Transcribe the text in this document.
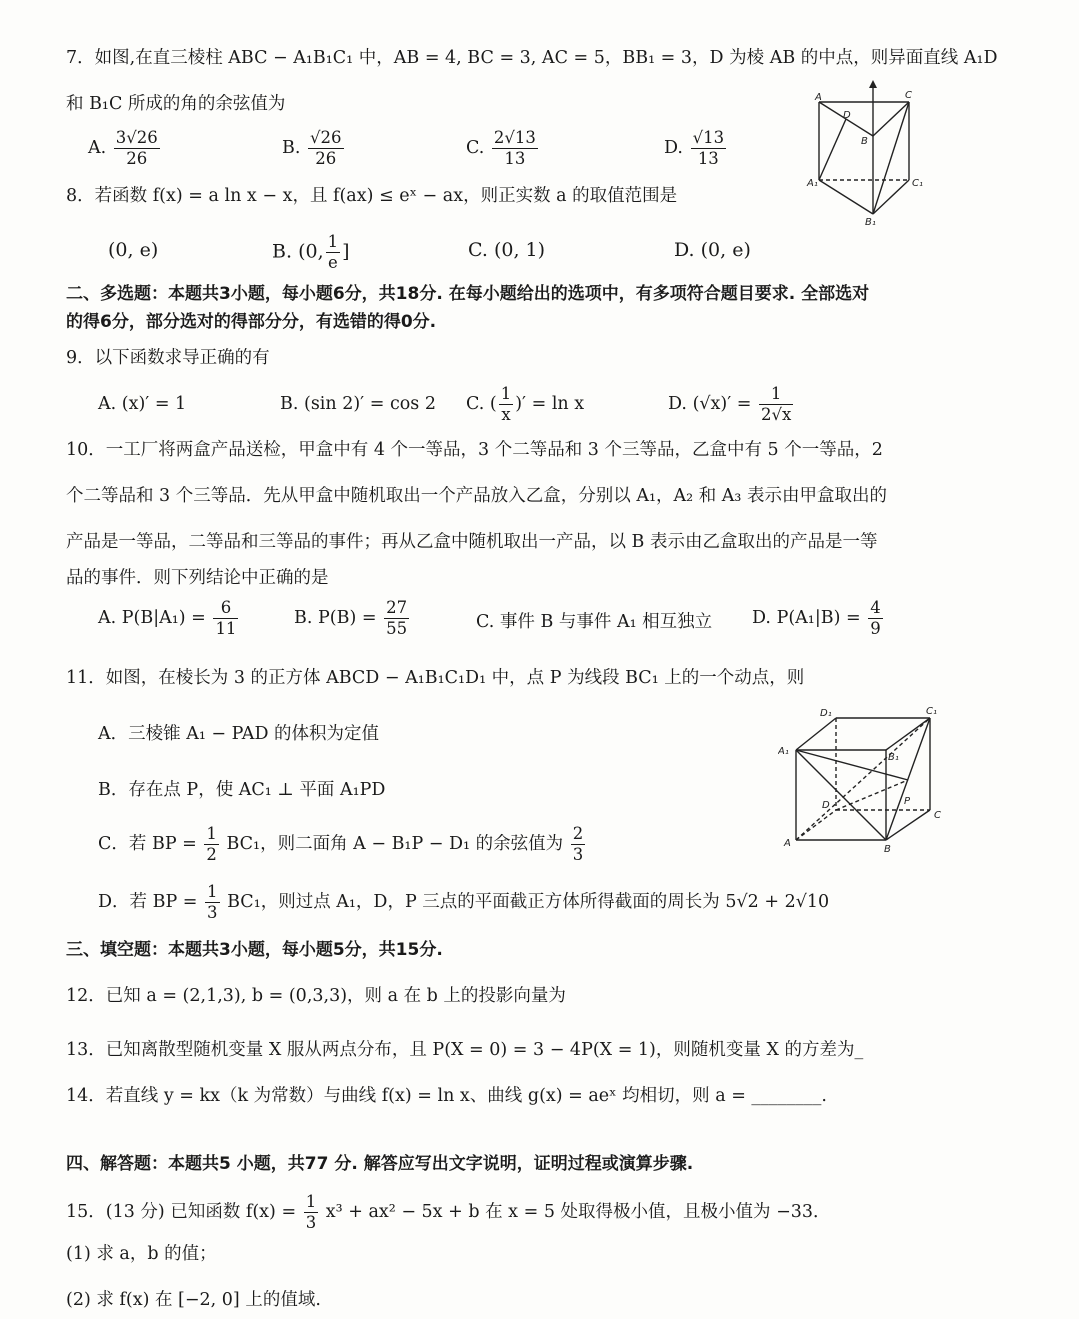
7．如图,在直三棱柱 ABC − A₁B₁C₁ 中，AB = 4, BC = 3, AC = 5，BB₁ = 3，D 为棱 AB 的中点，则异面直线 A₁D
和 B₁C 所成的角的余弦值为
A. $\frac{3√26}{26}$	B. $\frac{√26}{26}$	C. $\frac{2√13}{13}$	D. $\frac{√13}{13}$
A
D
C
B
A₁	C₁
B₁
8．若函数 f(x) = a ln x − x，且 f(ax) ≤ eˣ − ax，则正实数 a 的取值范围是
(0, e)	B. (0, $\frac{1}{e}$ ]	C. (0, 1)	D. (0, e)
二、多选题：本题共3小题，每小题6分，共18分. 在每小题给出的选项中，有多项符合题目要求. 全部选对
的得6分，部分选对的得部分分，有选错的得0分.
9．以下函数求导正确的有
A. (x)′ = 1	B. (sin 2)′ = cos 2 C. ( $\frac{1}{x}$ )′ = ln x	D. $(√x)' = \frac{1}{2√x}$
10．一工厂将两盒产品送检，甲盒中有 4 个一等品，3 个二等品和 3 个三等品，乙盒中有 5 个一等品，2
个二等品和 3 个三等品．先从甲盒中随机取出一个产品放入乙盒，分别以 A₁，A₂ 和 A₃ 表示由甲盒取出的
产品是一等品，二等品和三等品的事件；再从乙盒中随机取出一产品，以 B 表示由乙盒取出的产品是一等
品的事件．则下列结论中正确的是
A. $P(B|A_1) = \frac{6}{11}$	B. $P(B) = \frac{27}{55}$	C. 事件 B 与事件 A₁ 相互独立 D. $P(A_1|B) = \frac{4}{9}$
11．如图，在棱长为 3 的正方体 ABCD − A₁B₁C₁D₁ 中，点 P 为线段 BC₁ 上的一个动点，则
A．三棱锥 A₁ − PAD 的体积为定值
B．存在点 P，使 AC₁ ⊥ 平面 A₁PD
C．若 BP = $\frac{1}{2} BC_1$，则二面角 A − B₁P − D₁ 的余弦值为 $\frac{2}{3}$
D．若 BP = $\frac{1}{3} BC_1$，则过点 A₁，D，P 三点的平面截正方体所得截面的周长为 5√2 + 2√10
D₁	C₁
A₁
B₁
D
C
A
B
P
三、填空题：本题共3小题，每小题5分，共15分.
12．已知 a = (2,1,3), b = (0,3,3)，则 a 在 b 上的投影向量为
13．已知离散型随机变量 X 服从两点分布，且 P(X = 0) = 3 − 4P(X = 1)，则随机变量 X 的方差为_
14．若直线 y = kx（k 为常数）与曲线 f(x) = ln x、曲线 g(x) = aeˣ 均相切，则 a = ________.
四、解答题：本题共5 小题，共77 分. 解答应写出文字说明，证明过程或演算步骤.
15．(13 分) 已知函数 $f(x) = \frac{1}{3} x^3 + ax^2 - 5x + b$ 在 x = 5 处取得极小值，且极小值为 −33．
(1) 求 a，b 的值；
(2) 求 f(x) 在 [−2, 0] 上的值域.
